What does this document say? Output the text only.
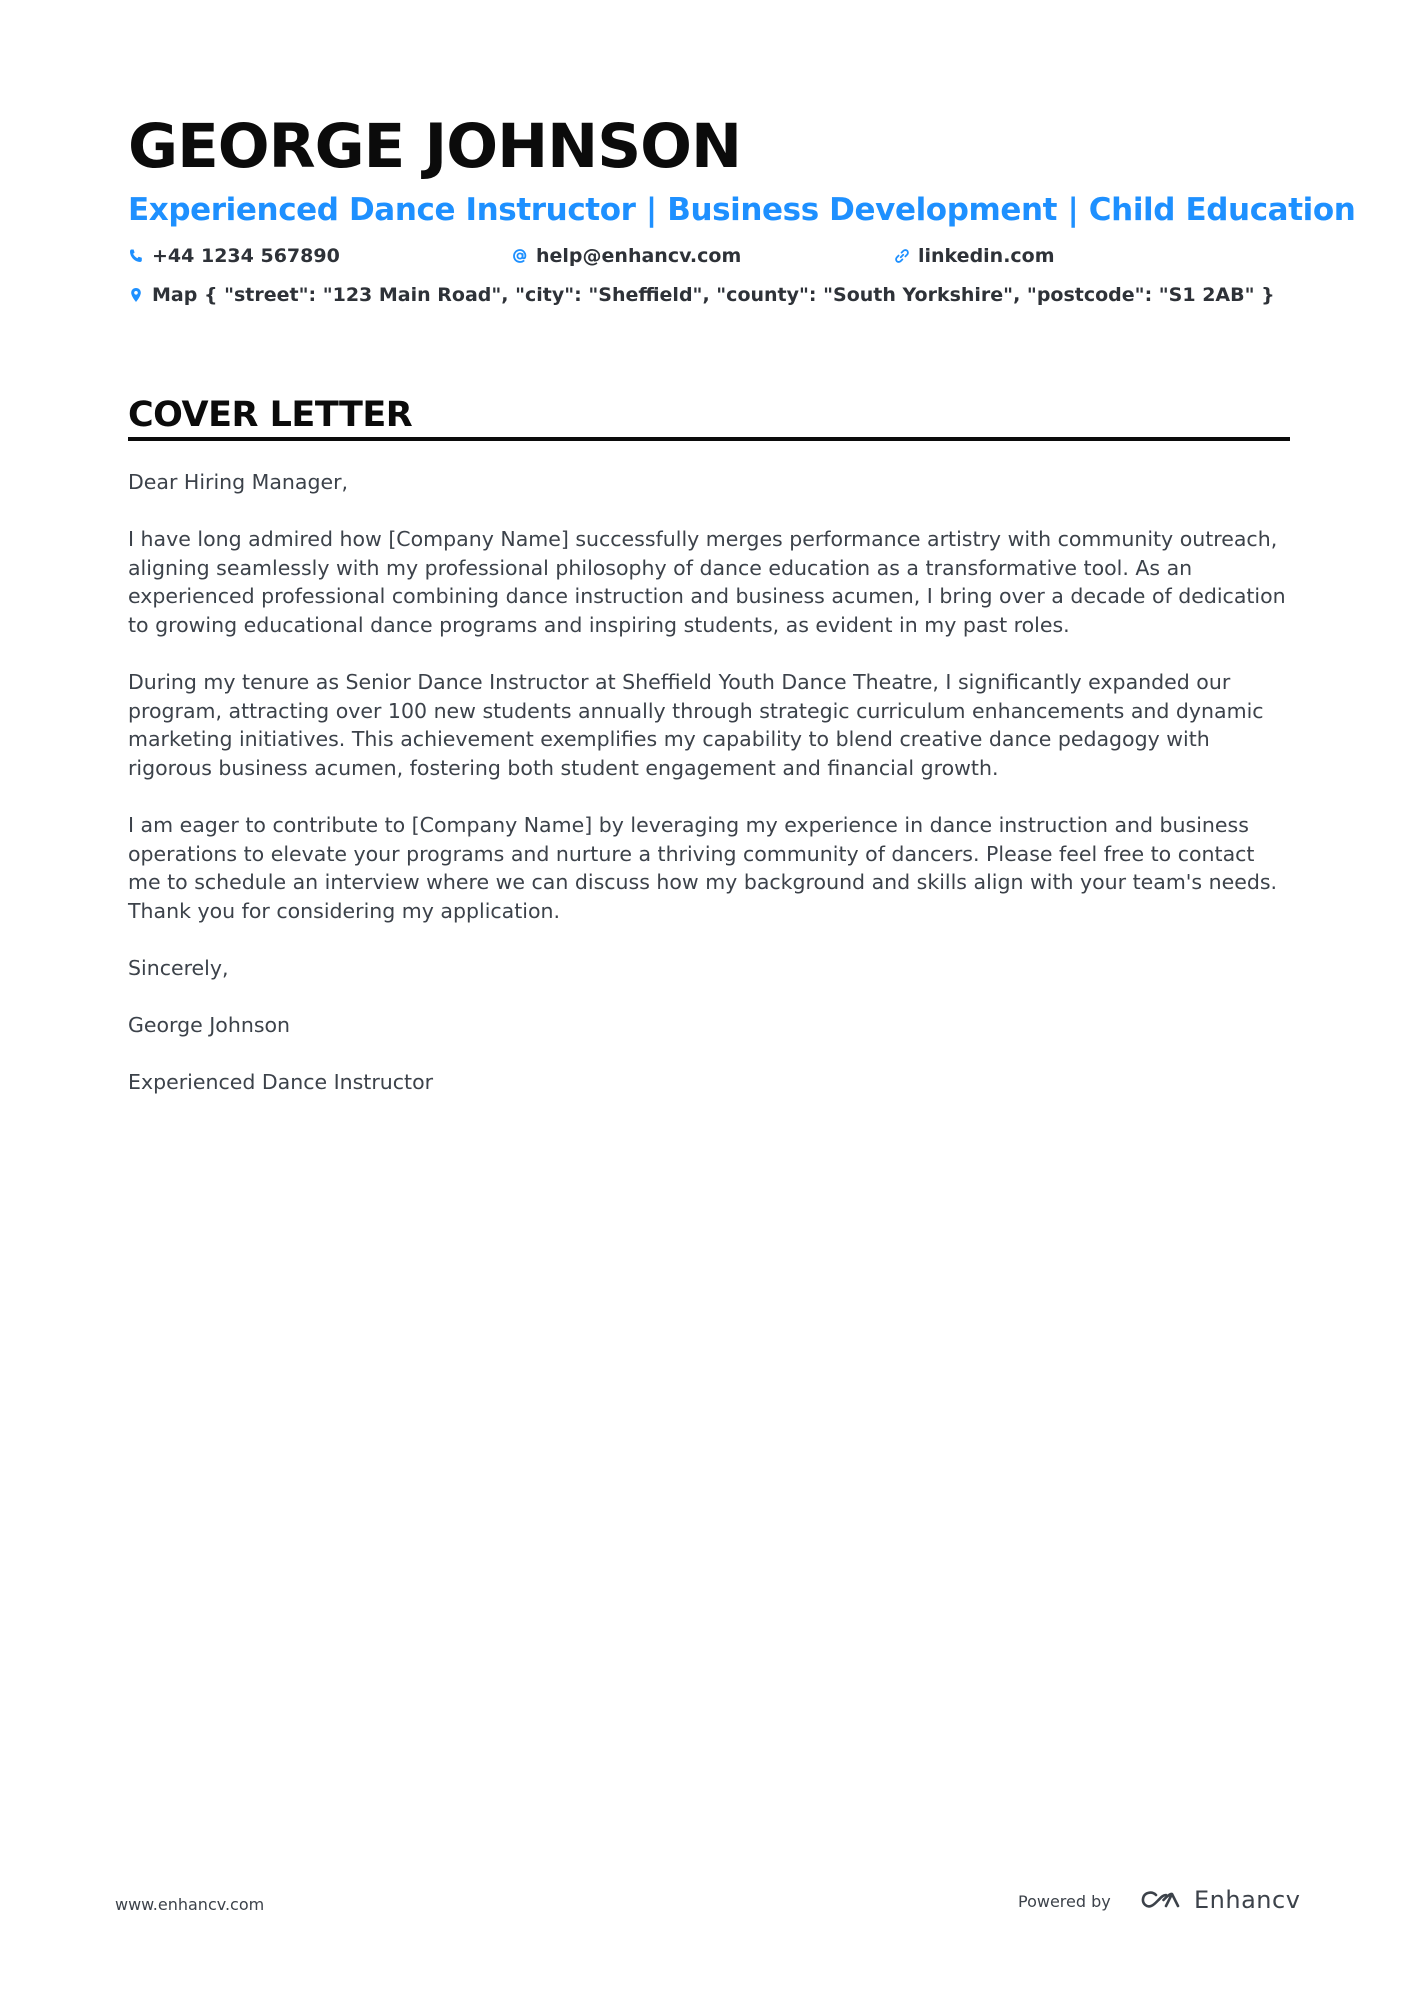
GEORGE JOHNSON
Experienced Dance Instructor | Business Development | Child Education
+44 1234 567890	help@enhancv.com	linkedin.com
Map { "street": "123 Main Road", "city": "Sheffield", "county": "South Yorkshire", "postcode": "S1 2AB" }
COVER LETTER

Dear Hiring Manager,

I have long admired how [Company Name] successfully merges performance artistry with community outreach, aligning seamlessly with my professional philosophy of dance education as a transformative tool. As an experienced professional combining dance instruction and business acumen, I bring over a decade of dedication to growing educational dance programs and inspiring students, as evident in my past roles.

During my tenure as Senior Dance Instructor at Sheffield Youth Dance Theatre, I significantly expanded our program, attracting over 100 new students annually through strategic curriculum enhancements and dynamic marketing initiatives. This achievement exemplifies my capability to blend creative dance pedagogy with rigorous business acumen, fostering both student engagement and financial growth.

I am eager to contribute to [Company Name] by leveraging my experience in dance instruction and business operations to elevate your programs and nurture a thriving community of dancers. Please feel free to contact me to schedule an interview where we can discuss how my background and skills align with your team's needs. Thank you for considering my application.

Sincerely,

George Johnson

Experienced Dance Instructor

www.enhancv.com	Powered by	Enhancv
